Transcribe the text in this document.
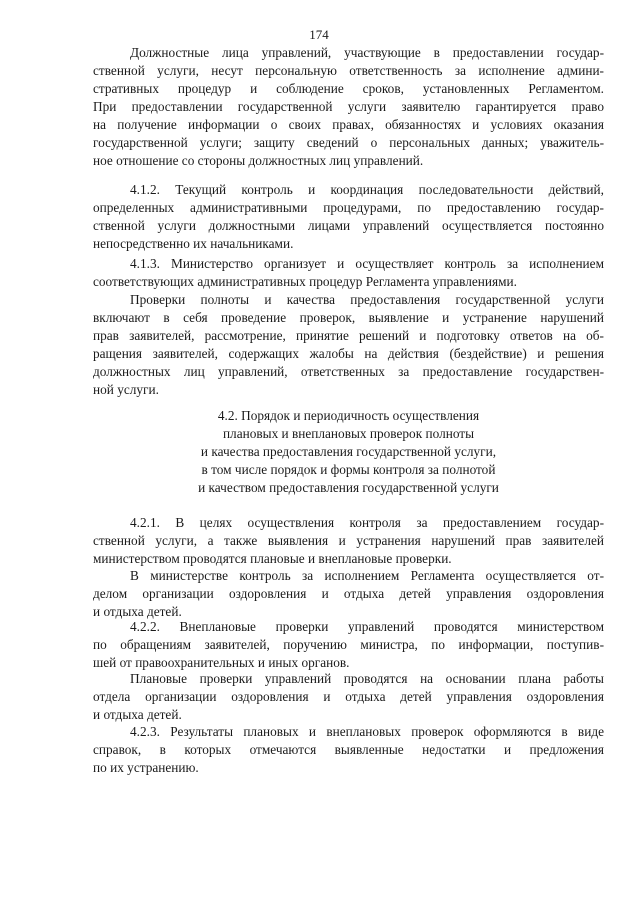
174
Должностные лица управлений, участвующие в предоставлении государ-
ственной услуги, несут персональную ответственность за исполнение админи-
стративных процедур и соблюдение сроков, установленных Регламентом.
При предоставлении государственной услуги заявителю гарантируется право
на получение информации о своих правах, обязанностях и условиях оказания
государственной услуги; защиту сведений о персональных данных; уважитель-
ное отношение со стороны должностных лиц управлений.
4.1.2. Текущий контроль и координация последовательности действий,
определенных административными процедурами, по предоставлению государ-
ственной услуги должностными лицами управлений осуществляется постоянно
непосредственно их начальниками.
4.1.3. Министерство организует и осуществляет контроль за исполнением
соответствующих административных процедур Регламента управлениями.
Проверки полноты и качества предоставления государственной услуги
включают в себя проведение проверок, выявление и устранение нарушений
прав заявителей, рассмотрение, принятие решений и подготовку ответов на об-
ращения заявителей, содержащих жалобы на действия (бездействие) и решения
должностных лиц управлений, ответственных за предоставление государствен-
ной услуги.
4.2. Порядок и периодичность осуществления
плановых и внеплановых проверок полноты
и качества предоставления государственной услуги,
в том числе порядок и формы контроля за полнотой
и качеством предоставления государственной услуги
4.2.1. В целях осуществления контроля за предоставлением государ-
ственной услуги, а также выявления и устранения нарушений прав заявителей
министерством проводятся плановые и внеплановые проверки.
В министерстве контроль за исполнением Регламента осуществляется от-
делом организации оздоровления и отдыха детей управления оздоровления
и отдыха детей.
4.2.2. Внеплановые проверки управлений проводятся министерством
по обращениям заявителей, поручению министра, по информации, поступив-
шей от правоохранительных и иных органов.
Плановые проверки управлений проводятся на основании плана работы
отдела организации оздоровления и отдыха детей управления оздоровления
и отдыха детей.
4.2.3. Результаты плановых и внеплановых проверок оформляются в виде
справок, в которых отмечаются выявленные недостатки и предложения
по их устранению.
